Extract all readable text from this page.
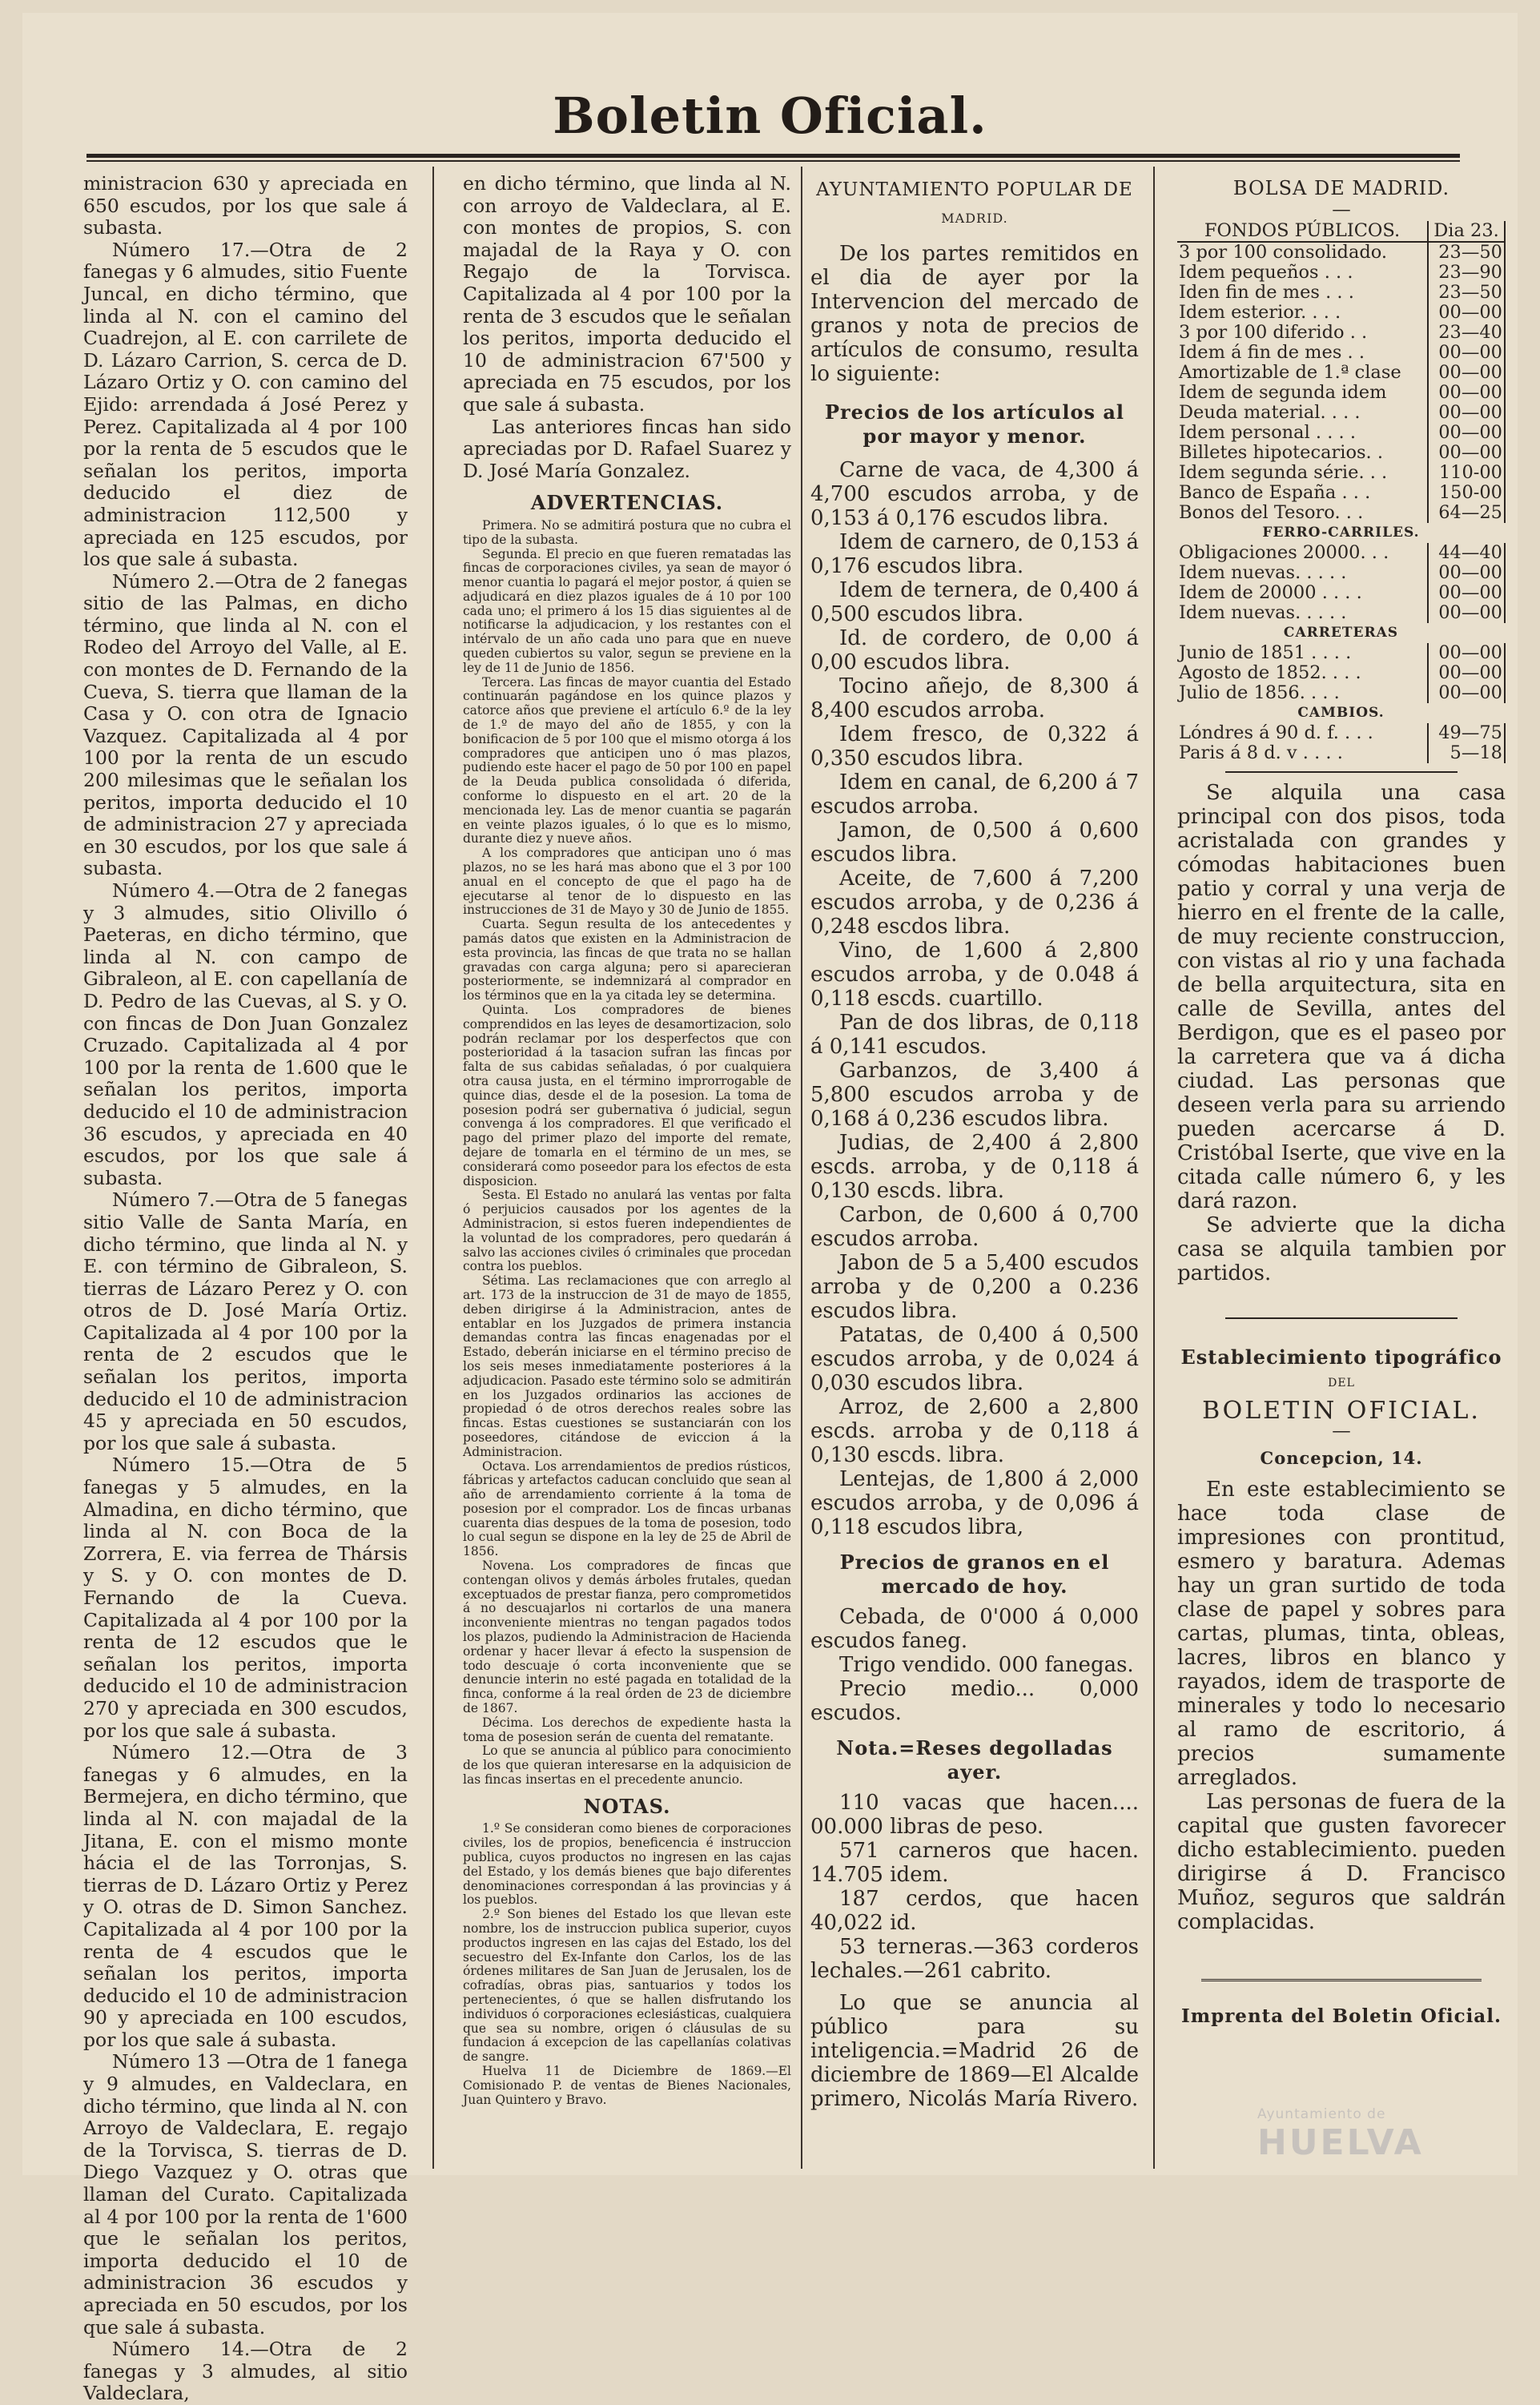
Boletin Oficial.

ministracion 630 y apreciada en 650 escudos, por los que sale á subasta.

Número 17.—Otra de 2 fanegas y 6 almudes, sitio Fuente Juncal, en dicho término, que linda al N. con el camino del Cuadrejon, al E. con carrilete de D. Lázaro Carrion, S. cerca de D. Lázaro Ortiz y O. con camino del Ejido: arrendada á José Perez y Perez. Capitalizada al 4 por 100 por la renta de 5 escudos que le señalan los peritos, importa deducido el diez de administracion 112,500 y apreciada en 125 escudos, por los que sale á subasta.

Número 2.—Otra de 2 fanegas sitio de las Palmas, en dicho término, que linda al N. con el Rodeo del Arroyo del Valle, al E. con montes de D. Fernando de la Cueva, S. tierra que llaman de la Casa y O. con otra de Ignacio Vazquez. Capitalizada al 4 por 100 por la renta de un escudo 200 milesimas que le señalan los peritos, importa deducido el 10 de administracion 27 y apreciada en 30 escudos, por los que sale á subasta.

Número 4.—Otra de 2 fanegas y 3 almudes, sitio Olivillo ó Paeteras, en dicho término, que linda al N. con campo de Gibraleon, al E. con capellanía de D. Pedro de las Cuevas, al S. y O. con fincas de Don Juan Gonzalez Cruzado. Capitalizada al 4 por 100 por la renta de 1.600 que le señalan los peritos, importa deducido el 10 de administracion 36 escudos, y apreciada en 40 escudos, por los que sale á subasta.

Número 7.—Otra de 5 fanegas sitio Valle de Santa María, en dicho término, que linda al N. y E. con término de Gibraleon, S. tierras de Lázaro Perez y O. con otros de D. José María Ortiz. Capitalizada al 4 por 100 por la renta de 2 escudos que le señalan los peritos, importa deducido el 10 de administracion 45 y apreciada en 50 escudos, por los que sale á subasta.

Número 15.—Otra de 5 fanegas y 5 almudes, en la Almadina, en dicho término, que linda al N. con Boca de la Zorrera, E. via ferrea de Thársis y S. y O. con montes de D. Fernando de la Cueva. Capitalizada al 4 por 100 por la renta de 12 escudos que le señalan los peritos, importa deducido el 10 de administracion 270 y apreciada en 300 escudos, por los que sale á subasta.

Número 12.—Otra de 3 fanegas y 6 almudes, en la Bermejera, en dicho término, que linda al N. con majadal de la Jitana, E. con el mismo monte hácia el de las Torronjas, S. tierras de D. Lázaro Ortiz y Perez y O. otras de D. Simon Sanchez. Capitalizada al 4 por 100 por la renta de 4 escudos que le señalan los peritos, importa deducido el 10 de administracion 90 y apreciada en 100 escudos, por los que sale á subasta.

Número 13 —Otra de 1 fanega y 9 almudes, en Valdeclara, en dicho término, que linda al N. con Arroyo de Valdeclara, E. regajo de la Torvisca, S. tierras de D. Diego Vazquez y O. otras que llaman del Curato. Capitalizada al 4 por 100 por la renta de 1'600 que le señalan los peritos, importa deducido el 10 de administracion 36 escudos y apreciada en 50 escudos, por los que sale á subasta.

Número 14.—Otra de 2 fanegas y 3 almudes, al sitio Valdeclara,

en dicho término, que linda al N. con arroyo de Valdeclara, al E. con montes de propios, S. con majadal de la Raya y O. con Regajo de la Torvisca. Capitalizada al 4 por 100 por la renta de 3 escudos que le señalan los peritos, importa deducido el 10 de administracion 67'500 y apreciada en 75 escudos, por los que sale á subasta.

Las anteriores fincas han sido apreciadas por D. Rafael Suarez y D. José María Gonzalez.

ADVERTENCIAS.

Primera. No se admitirá postura que no cubra el tipo de la subasta.

Segunda. El precio en que fueren rematadas las fincas de corporaciones civiles, ya sean de mayor ó menor cuantia lo pagará el mejor postor, á quien se adjudicará en diez plazos iguales de á 10 por 100 cada uno; el primero á los 15 dias siguientes al de notificarse la adjudicacion, y los restantes con el intérvalo de un año cada uno para que en nueve queden cubiertos su valor, segun se previene en la ley de 11 de Junio de 1856.

Tercera. Las fincas de mayor cuantia del Estado continuarán pagándose en los quince plazos y catorce años que previene el artículo 6.º de la ley de 1.º de mayo del año de 1855, y con la bonificacion de 5 por 100 que el mismo otorga á los compradores que anticipen uno ó mas plazos, pudiendo este hacer el pago de 50 por 100 en papel de la Deuda publica consolidada ó diferida, conforme lo dispuesto en el art. 20 de la mencionada ley. Las de menor cuantia se pagarán en veinte plazos iguales, ó lo que es lo mismo, durante diez y nueve años.

A los compradores que anticipan uno ó mas plazos, no se les hará mas abono que el 3 por 100 anual en el concepto de que el pago ha de ejecutarse al tenor de lo dispuesto en las instrucciones de 31 de Mayo y 30 de Junio de 1855.

Cuarta. Segun resulta de los antecedentes y pamás datos que existen en la Administracion de esta provincia, las fincas de que trata no se hallan gravadas con carga alguna; pero si aparecieran posteriormente, se indemnizará al comprador en los términos que en la ya citada ley se determina.

Quinta. Los compradores de bienes comprendidos en las leyes de desamortizacion, solo podrán reclamar por los desperfectos que con posterioridad á la tasacion sufran las fincas por falta de sus cabidas señaladas, ó por cualquiera otra causa justa, en el término improrrogable de quince dias, desde el de la posesion. La toma de posesion podrá ser gubernativa ó judicial, segun convenga á los compradores. El que verificado el pago del primer plazo del importe del remate, dejare de tomarla en el término de un mes, se considerará como poseedor para los efectos de esta disposicion.

Sesta. El Estado no anulará las ventas por falta ó perjuicios causados por los agentes de la Administracion, si estos fueren independientes de la voluntad de los compradores, pero quedarán á salvo las acciones civiles ó criminales que procedan contra los pueblos.

Sétima. Las reclamaciones que con arreglo al art. 173 de la instruccion de 31 de mayo de 1855, deben dirigirse á la Administracion, antes de entablar en los Juzgados de primera instancia demandas contra las fincas enagenadas por el Estado, deberán iniciarse en el término preciso de los seis meses inmediatamente posteriores á la adjudicacion. Pasado este término solo se admitirán en los Juzgados ordinarios las acciones de propiedad ó de otros derechos reales sobre las fincas. Estas cuestiones se sustanciarán con los poseedores, citándose de eviccion á la Administracion.

Octava. Los arrendamientos de predios rústicos, fábricas y artefactos caducan concluido que sean al año de arrendamiento corriente á la toma de posesion por el comprador. Los de fincas urbanas cuarenta dias despues de la toma de posesion, todo lo cual segun se dispone en la ley de 25 de Abril de 1856.

Novena. Los compradores de fincas que contengan olivos y demás árboles frutales, quedan exceptuados de prestar fianza, pero comprometidos á no descuajarlos ni cortarlos de una manera inconveniente mientras no tengan pagados todos los plazos, pudiendo la Administracion de Hacienda ordenar y hacer llevar á efecto la suspension de todo descuaje ó corta inconveniente que se denuncie interin no esté pagada en totalidad de la finca, conforme á la real órden de 23 de diciembre de 1867.

Décima. Los derechos de expediente hasta la toma de posesion serán de cuenta del rematante.

Lo que se anuncia al público para conocimiento de los que quieran interesarse en la adquisicion de las fincas insertas en el precedente anuncio.

NOTAS.

1.º Se consideran como bienes de corporaciones civiles, los de propios, beneficencia é instruccion publica, cuyos productos no ingresen en las cajas del Estado, y los demás bienes que bajo diferentes denominaciones correspondan á las provincias y á los pueblos.

2.º Son bienes del Estado los que llevan este nombre, los de instruccion publica superior, cuyos productos ingresen en las cajas del Estado, los del secuestro del Ex-Infante don Carlos, los de las órdenes militares de San Juan de Jerusalen, los de cofradías, obras pias, santuarios y todos los pertenecientes, ó que se hallen disfrutando los individuos ó corporaciones eclesiásticas, cualquiera que sea su nombre, origen ó cláusulas de su fundacion á excepcion de las capellanías colativas de sangre.

Huelva 11 de Diciembre de 1869.—El Comisionado P. de ventas de Bienes Nacionales, Juan Quintero y Bravo.

AYUNTAMIENTO POPULAR DE
MADRID.

De los partes remitidos en el dia de ayer por la Intervencion del mercado de granos y nota de precios de artículos de consumo, resulta lo siguiente:

Precios de los artículos al por mayor y menor.

Carne de vaca, de 4,300 á 4,700 escudos arroba, y de 0,153 á 0,176 escudos libra.

Idem de carnero, de 0,153 á 0,176 escudos libra.

Idem de ternera, de 0,400 á 0,500 escudos libra.

Id. de cordero, de 0,00 á 0,00 escudos libra.

Tocino añejo, de 8,300 á 8,400 escudos arroba.

Idem fresco, de 0,322 á 0,350 escudos libra.

Idem en canal, de 6,200 á 7 escudos arroba.

Jamon, de 0,500 á 0,600 escudos libra.

Aceite, de 7,600 á 7,200 escudos arroba, y de 0,236 á 0,248 escdos libra.

Vino, de 1,600 á 2,800 escudos arroba, y de 0.048 á 0,118 escds. cuartillo.

Pan de dos libras, de 0,118 á 0,141 escudos.

Garbanzos, de 3,400 á 5,800 escudos arroba y de 0,168 á 0,236 escudos libra.

Judias, de 2,400 á 2,800 escds. arroba, y de 0,118 á 0,130 escds. libra.

Carbon, de 0,600 á 0,700 escudos arroba.

Jabon de 5 a 5,400 escudos arroba y de 0,200 a 0.236 escudos libra.

Patatas, de 0,400 á 0,500 escudos arroba, y de 0,024 á 0,030 escudos libra.

Arroz, de 2,600 a 2,800 escds. arroba y de 0,118 á 0,130 escds. libra.

Lentejas, de 1,800 á 2,000 escudos arroba, y de 0,096 á 0,118 escudos libra,

Precios de granos en el mercado de hoy.

Cebada, de 0'000 á 0,000 escudos faneg.

Trigo vendido. 000 fanegas.

Precio medio... 0,000 escudos.

Nota.=Reses degolladas ayer.

110 vacas que hacen.... 00.000 libras de peso.

571 carneros que hacen. 14.705 idem.

187 cerdos, que hacen 40,022 id.

53 terneras.—363 corderos lechales.—261 cabrito.

Lo que se anuncia al público para su inteligencia.=Madrid 26 de diciembre de 1869—El Alcalde primero, Nicolás María Rivero.

BOLSA DE MADRID.
—
FONDOS PÚBLICOS.	Dia 23.
3 por 100 consolidado.	23—50
Idem pequeños . . .	23—90
Iden fin de mes . . .	23—50
Idem esterior. . . .	00—00
3 por 100 diferido . .	23—40
Idem á fin de mes . .	00—00
Amortizable de 1.ª clase	00—00
Idem de segunda idem	00—00
Deuda material. . . .	00—00
Idem personal . . . .	00—00
Billetes hipotecarios. .	00—00
Idem segunda série. . .	110-00
Banco de España . . .	150-00
Bonos del Tesoro. . .	64—25
FERRO-CARRILES.	
Obligaciones 20000. . .	44—40
Idem nuevas. . . . .	00—00
Idem de 20000 . . . .	00—00
Idem nuevas. . . . .	00—00
CARRETERAS	
Junio de 1851 . . . .	00—00
Agosto de 1852. . . .	00—00
Julio de 1856. . . .	00—00
CAMBIOS.	
Lóndres á 90 d. f. . . .	49—75
Paris á 8 d. v . . . .	5—18

Se alquila una casa principal con dos pisos, toda acristalada con grandes y cómodas habitaciones buen patio y corral y una verja de hierro en el frente de la calle, de muy reciente construccion, con vistas al rio y una fachada de bella arquitectura, sita en calle de Sevilla, antes del Berdigon, que es el paseo por la carretera que va á dicha ciudad. Las personas que deseen verla para su arriendo pueden acercarse á D. Cristóbal Iserte, que vive en la citada calle número 6, y les dará razon.

Se advierte que la dicha casa se alquila tambien por partidos.

Establecimiento tipográfico
DEL
BOLETIN OFICIAL.
—
Concepcion, 14.

En este establecimiento se hace toda clase de impresiones con prontitud, esmero y baratura. Ademas hay un gran surtido de toda clase de papel y sobres para cartas, plumas, tinta, obleas, lacres, libros en blanco y rayados, idem de trasporte de minerales y todo lo necesario al ramo de escritorio, á precios sumamente arreglados.

Las personas de fuera de la capital que gusten favorecer dicho establecimiento. pueden dirigirse á D. Francisco Muñoz, seguros que saldrán complacidas.

Imprenta del Boletin Oficial.
Ayuntamiento de
HUELVA
